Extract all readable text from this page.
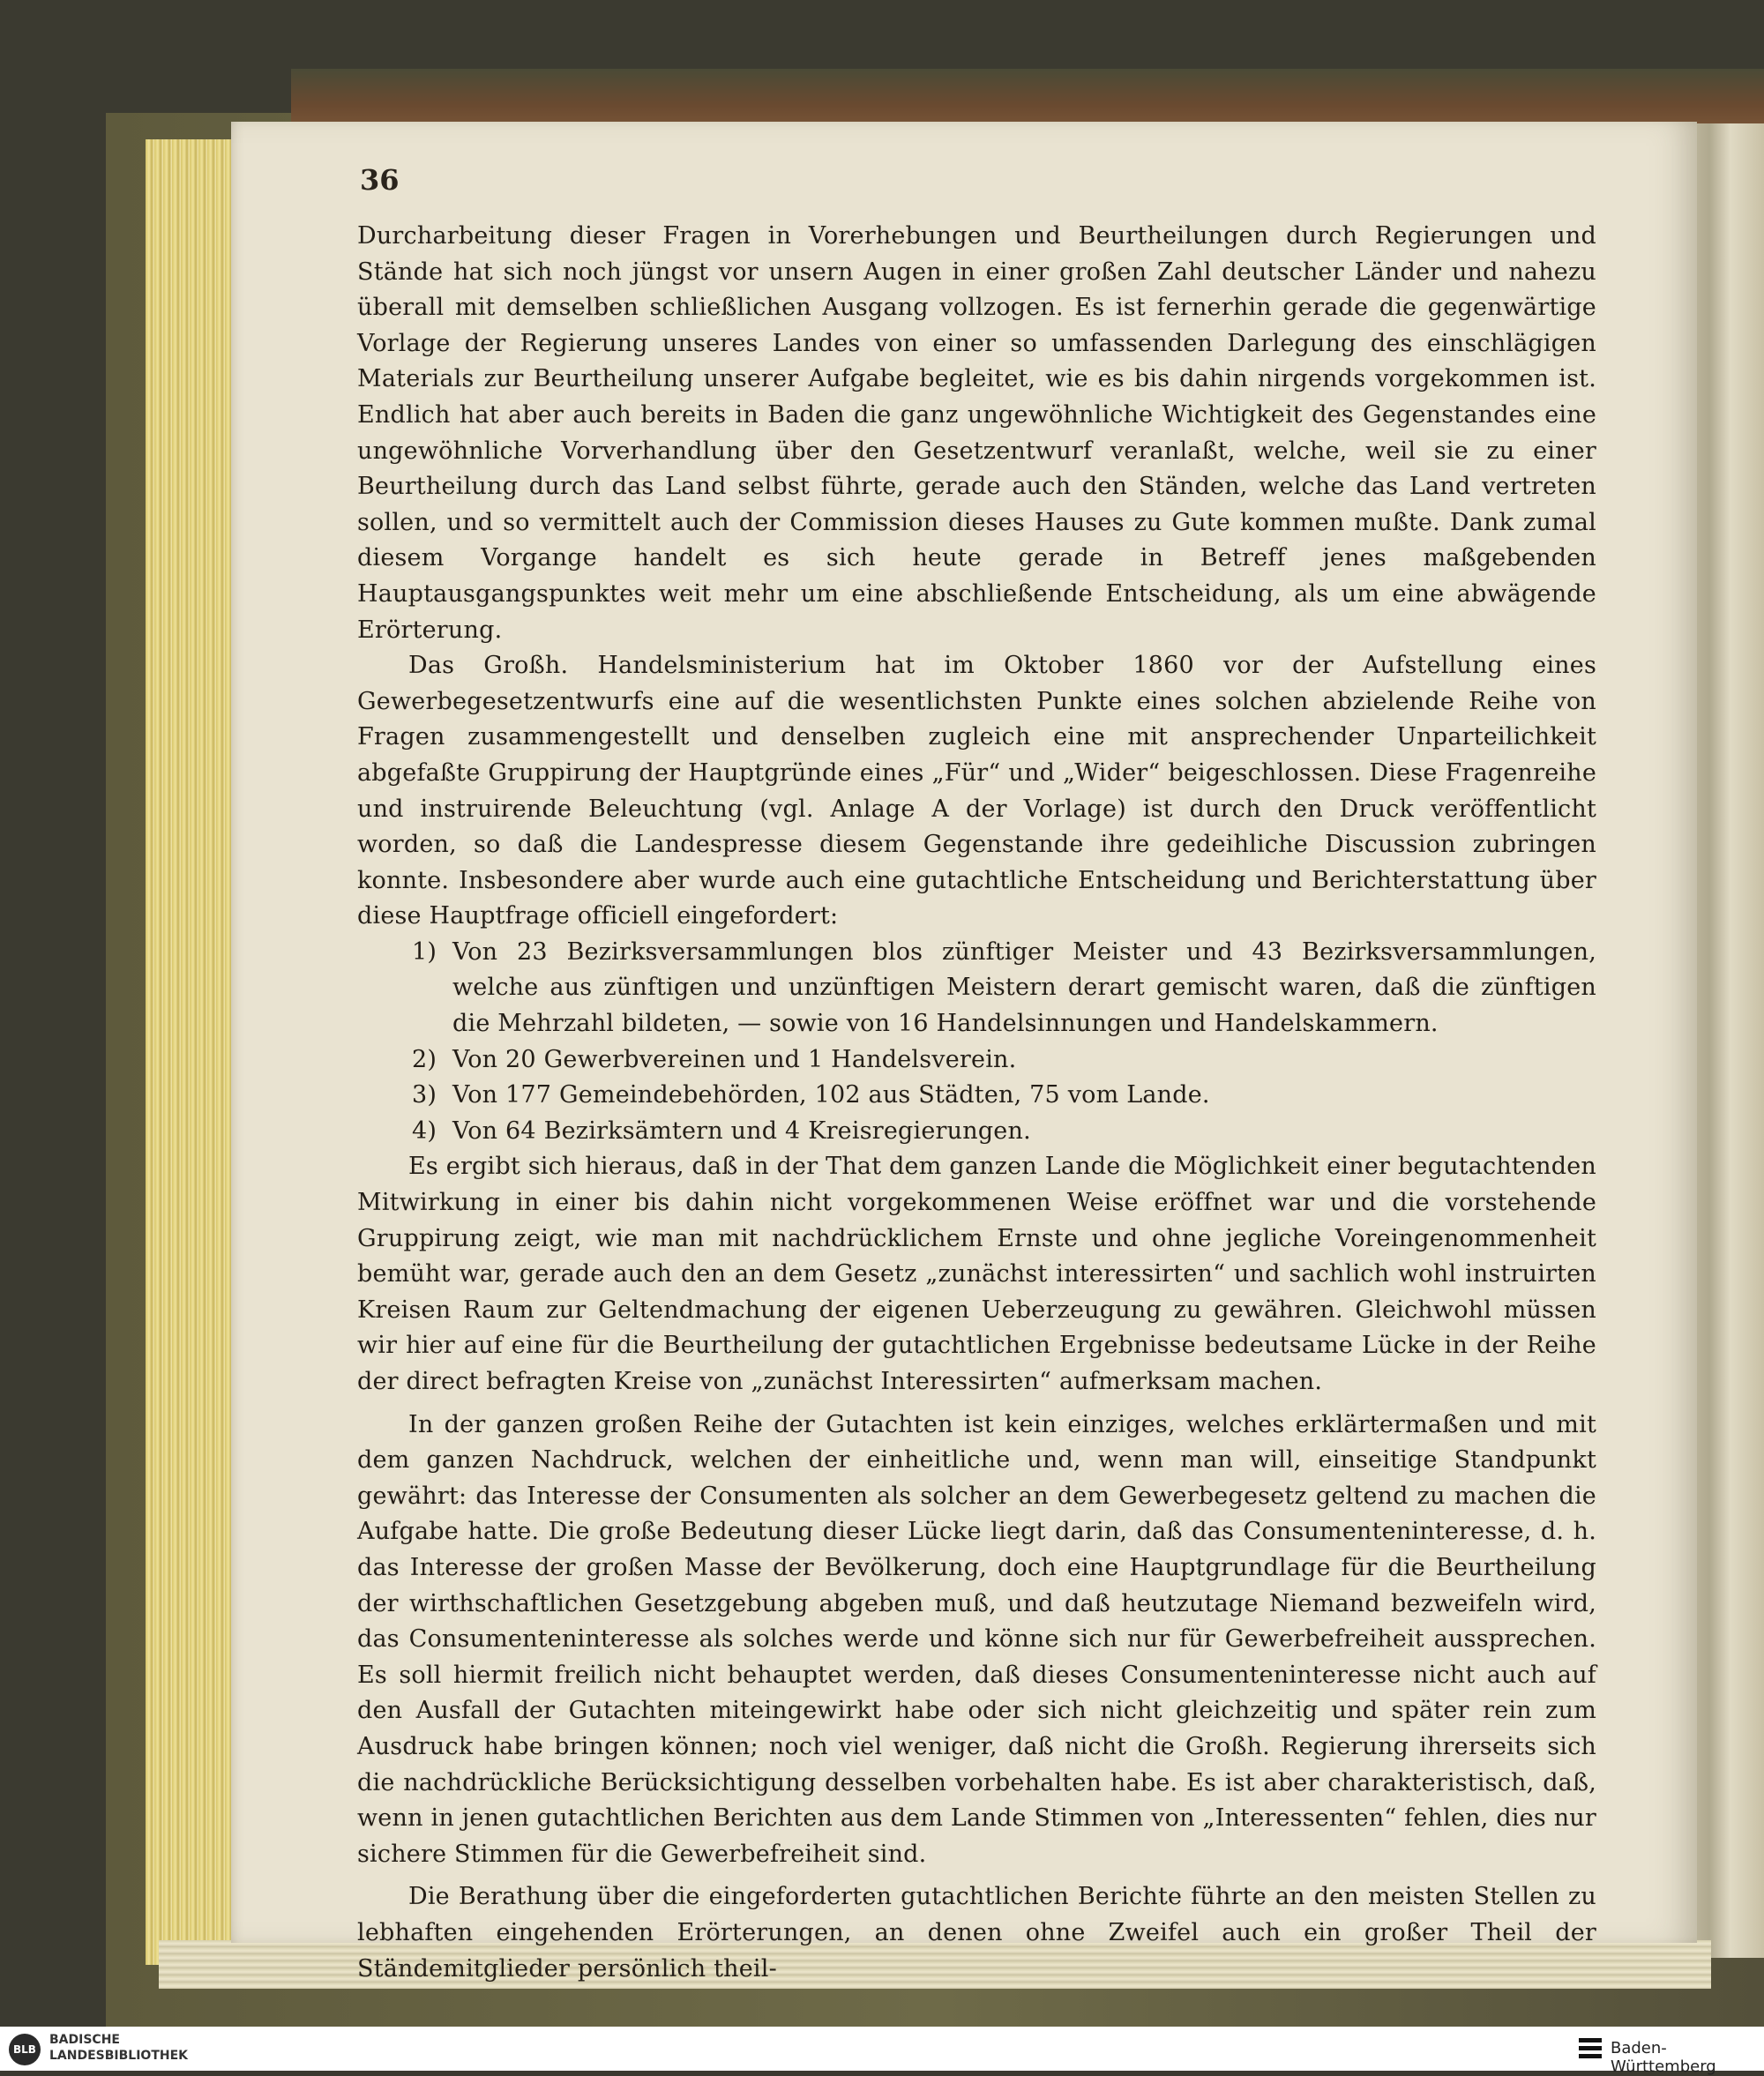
36

Durcharbeitung dieser Fragen in Vorerhebungen und Beurtheilungen durch Regierungen und Stände hat sich noch jüngst vor unsern Augen in einer großen Zahl deutscher Länder und nahezu überall mit demselben schließlichen Ausgang vollzogen. Es ist fernerhin gerade die gegenwärtige Vorlage der Regierung unseres Landes von einer so umfassenden Darlegung des einschlägigen Materials zur Beurtheilung unserer Aufgabe begleitet, wie es bis dahin nirgends vorgekommen ist. Endlich hat aber auch bereits in Baden die ganz ungewöhnliche Wichtigkeit des Gegenstandes eine ungewöhnliche Vorverhandlung über den Gesetzentwurf veranlaßt, welche, weil sie zu einer Beurtheilung durch das Land selbst führte, gerade auch den Ständen, welche das Land vertreten sollen, und so vermittelt auch der Commission dieses Hauses zu Gute kommen mußte. Dank zumal diesem Vorgange handelt es sich heute gerade in Betreff jenes maßgebenden Hauptausgangspunktes weit mehr um eine abschließende Entscheidung, als um eine abwägende Erörterung.

Das Großh. Handelsministerium hat im Oktober 1860 vor der Aufstellung eines Gewerbegesetzentwurfs eine auf die wesentlichsten Punkte eines solchen abzielende Reihe von Fragen zusammengestellt und denselben zugleich eine mit ansprechender Unparteilichkeit abgefaßte Gruppirung der Hauptgründe eines „Für“ und „Wider“ beigeschlossen. Diese Fragenreihe und instruirende Beleuchtung (vgl. Anlage A der Vorlage) ist durch den Druck veröffentlicht worden, so daß die Landespresse diesem Gegenstande ihre gedeihliche Discussion zubringen konnte. Insbesondere aber wurde auch eine gutachtliche Entscheidung und Berichterstattung über diese Hauptfrage officiell eingefordert:

1) Von 23 Bezirksversammlungen blos zünftiger Meister und 43 Bezirksversammlungen, welche aus zünftigen und unzünftigen Meistern derart gemischt waren, daß die zünftigen die Mehrzahl bildeten, — sowie von 16 Handelsinnungen und Handelskammern.
2) Von 20 Gewerbvereinen und 1 Handelsverein.
3) Von 177 Gemeindebehörden, 102 aus Städten, 75 vom Lande.
4) Von 64 Bezirksämtern und 4 Kreisregierungen.

Es ergibt sich hieraus, daß in der That dem ganzen Lande die Möglichkeit einer begutachtenden Mitwirkung in einer bis dahin nicht vorgekommenen Weise eröffnet war und die vorstehende Gruppirung zeigt, wie man mit nachdrücklichem Ernste und ohne jegliche Voreingenommenheit bemüht war, gerade auch den an dem Gesetz „zunächst interessirten“ und sachlich wohl instruirten Kreisen Raum zur Geltendmachung der eigenen Ueberzeugung zu gewähren. Gleichwohl müssen wir hier auf eine für die Beurtheilung der gutachtlichen Ergebnisse bedeutsame Lücke in der Reihe der direct befragten Kreise von „zunächst Interessirten“ aufmerksam machen.

In der ganzen großen Reihe der Gutachten ist kein einziges, welches erklärtermaßen und mit dem ganzen Nachdruck, welchen der einheitliche und, wenn man will, einseitige Standpunkt gewährt: das Interesse der Consumenten als solcher an dem Gewerbegesetz geltend zu machen die Aufgabe hatte. Die große Bedeutung dieser Lücke liegt darin, daß das Consumenteninteresse, d. h. das Interesse der großen Masse der Bevölkerung, doch eine Hauptgrundlage für die Beurtheilung der wirthschaftlichen Gesetzgebung abgeben muß, und daß heutzutage Niemand bezweifeln wird, das Consumenteninteresse als solches werde und könne sich nur für Gewerbefreiheit aussprechen. Es soll hiermit freilich nicht behauptet werden, daß dieses Consumenteninteresse nicht auch auf den Ausfall der Gutachten miteingewirkt habe oder sich nicht gleichzeitig und später rein zum Ausdruck habe bringen können; noch viel weniger, daß nicht die Großh. Regierung ihrerseits sich die nachdrückliche Berücksichtigung desselben vorbehalten habe. Es ist aber charakteristisch, daß, wenn in jenen gutachtlichen Berichten aus dem Lande Stimmen von „Interessenten“ fehlen, dies nur sichere Stimmen für die Gewerbefreiheit sind.

Die Berathung über die eingeforderten gutachtlichen Berichte führte an den meisten Stellen zu lebhaften eingehenden Erörterungen, an denen ohne Zweifel auch ein großer Theil der Ständemitglieder persönlich theil-

BLB
BADISCHE
LANDESBIBLIOTHEK	Baden-Württemberg
